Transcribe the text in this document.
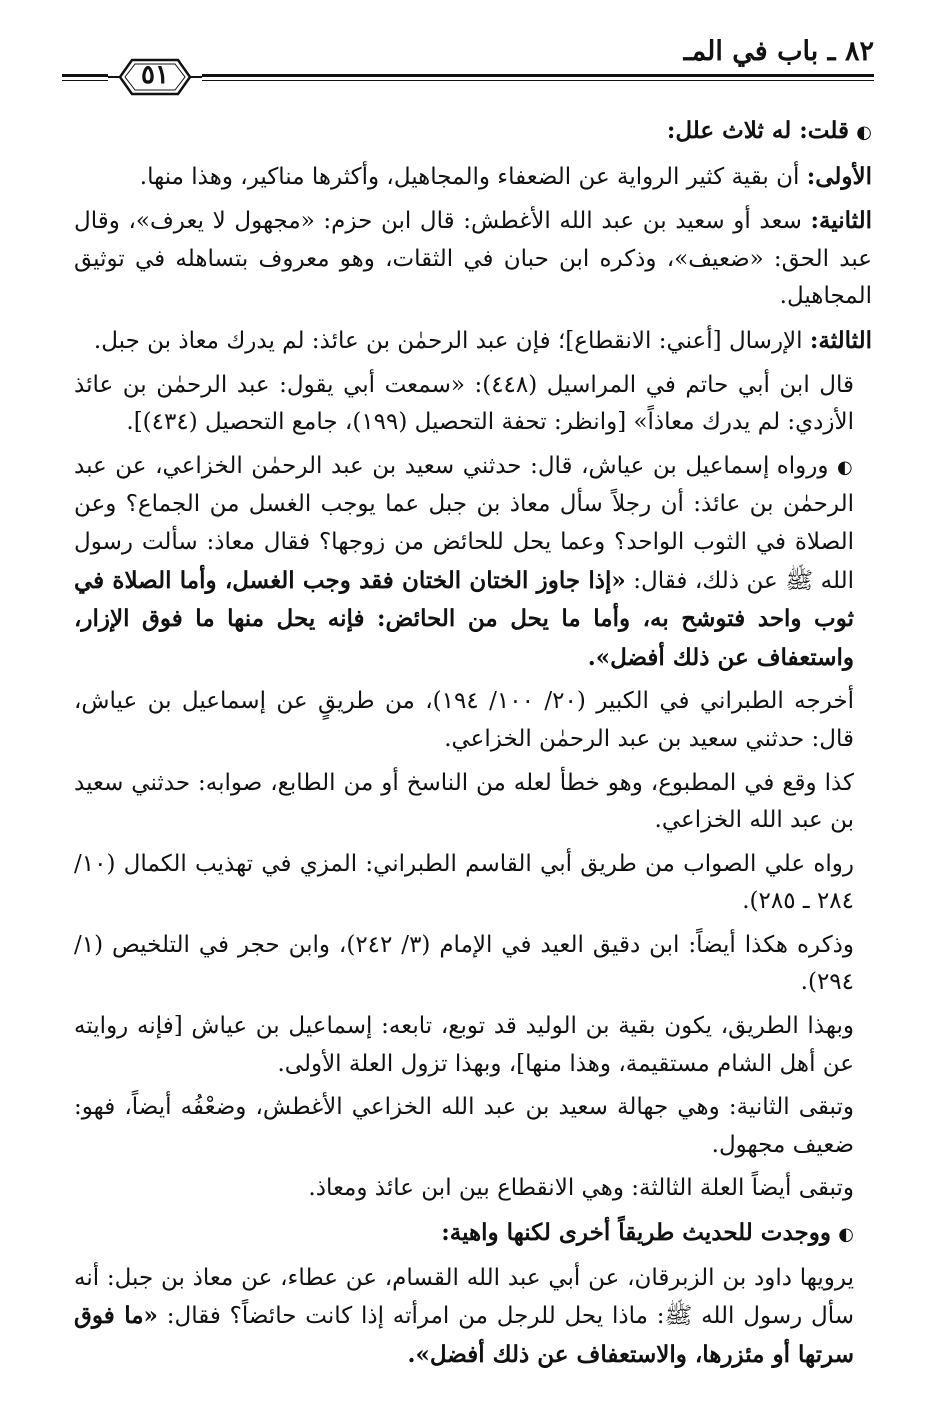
٨٢ ـ باب في المـ
٥١

◐ قلت: له ثلاث علل:

الأولى: أن بقية كثير الرواية عن الضعفاء والمجاهيل، وأكثرها مناكير، وهذا منها.

الثانية: سعد أو سعيد بن عبد الله الأغطش: قال ابن حزم: «مجهول لا يعرف»، وقال عبد الحق: «ضعيف»، وذكره ابن حبان في الثقات، وهو معروف بتساهله في توثيق المجاهيل.

الثالثة: الإرسال [أعني: الانقطاع]؛ فإن عبد الرحمٰن بن عائذ: لم يدرك معاذ بن جبل.

قال ابن أبي حاتم في المراسيل (٤٤٨): «سمعت أبي يقول: عبد الرحمٰن بن عائذ الأزدي: لم يدرك معاذاً» [وانظر: تحفة التحصيل (١٩٩)، جامع التحصيل (٤٣٤)].

◐ ورواه إسماعيل بن عياش، قال: حدثني سعيد بن عبد الرحمٰن الخزاعي، عن عبد الرحمٰن بن عائذ: أن رجلاً سأل معاذ بن جبل عما يوجب الغسل من الجماع؟ وعن الصلاة في الثوب الواحد؟ وعما يحل للحائض من زوجها؟ فقال معاذ: سألت رسول الله ﷺ عن ذلك، فقال: «إذا جاوز الختان الختان فقد وجب الغسل، وأما الصلاة في ثوب واحد فتوشح به، وأما ما يحل من الحائض: فإنه يحل منها ما فوق الإزار، واستعفاف عن ذلك أفضل».

أخرجه الطبراني في الكبير (٢٠/ ١٠٠/ ١٩٤)، من طريقٍ عن إسماعيل بن عياش، قال: حدثني سعيد بن عبد الرحمٰن الخزاعي.

كذا وقع في المطبوع، وهو خطأ لعله من الناسخ أو من الطابع، صوابه: حدثني سعيد بن عبد الله الخزاعي.

رواه علي الصواب من طريق أبي القاسم الطبراني: المزي في تهذيب الكمال (١٠/ ٢٨٤ ـ ٢٨٥).

وذكره هكذا أيضاً: ابن دقيق العيد في الإمام (٣/ ٢٤٢)، وابن حجر في التلخيص (١/ ٢٩٤).

وبهذا الطريق، يكون بقية بن الوليد قد توبع، تابعه: إسماعيل بن عياش [فإنه روايته عن أهل الشام مستقيمة، وهذا منها]، وبهذا تزول العلة الأولى.

وتبقى الثانية: وهي جهالة سعيد بن عبد الله الخزاعي الأغطش، وضعْفُه أيضاً، فهو: ضعيف مجهول.

وتبقى أيضاً العلة الثالثة: وهي الانقطاع بين ابن عائذ ومعاذ.

◐ ووجدت للحديث طريقاً أخرى لكنها واهية:

يرويها داود بن الزبرقان، عن أبي عبد الله القسام، عن عطاء، عن معاذ بن جبل: أنه سأل رسول الله ﷺ: ماذا يحل للرجل من امرأته إذا كانت حائضاً؟ فقال: «ما فوق سرتها أو مئزرها، والاستعفاف عن ذلك أفضل».
